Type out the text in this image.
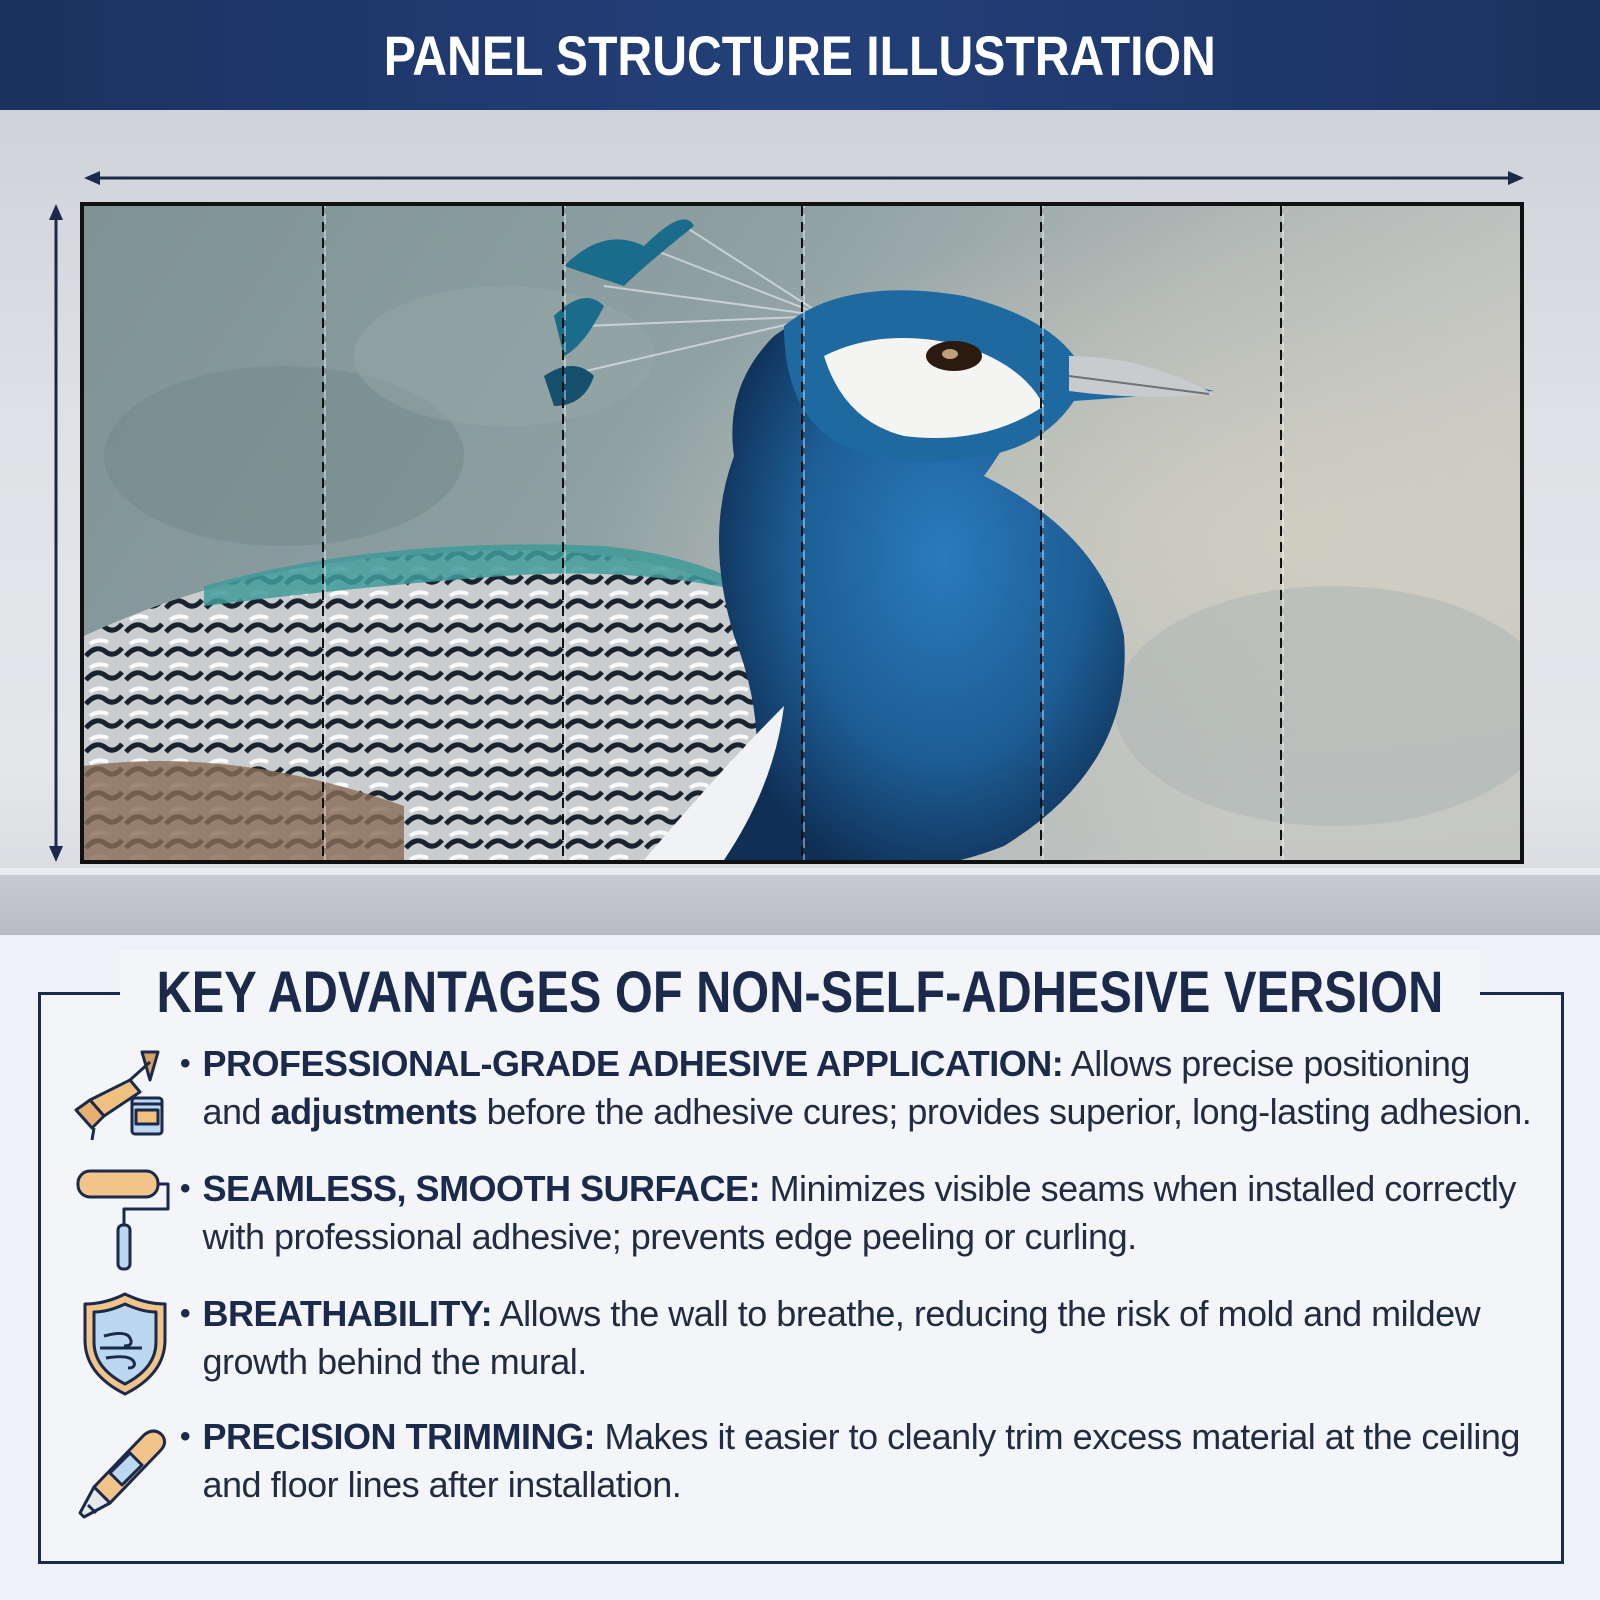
PANEL STRUCTURE ILLUSTRATION
KEY ADVANTAGES OF NON-SELF-ADHESIVE VERSION
• PROFESSIONAL-GRADE ADHESIVE APPLICATION: Allows precise positioning and adjustments before the adhesive cures; provides superior, long-lasting adhesion.
• SEAMLESS, SMOOTH SURFACE: Minimizes visible seams when installed correctly with professional adhesive; prevents edge peeling or curling.
• BREATHABILITY: Allows the wall to breathe, reducing the risk of mold and mildew growth behind the mural.
• PRECISION TRIMMING: Makes it easier to cleanly trim excess material at the ceiling and floor lines after installation.
